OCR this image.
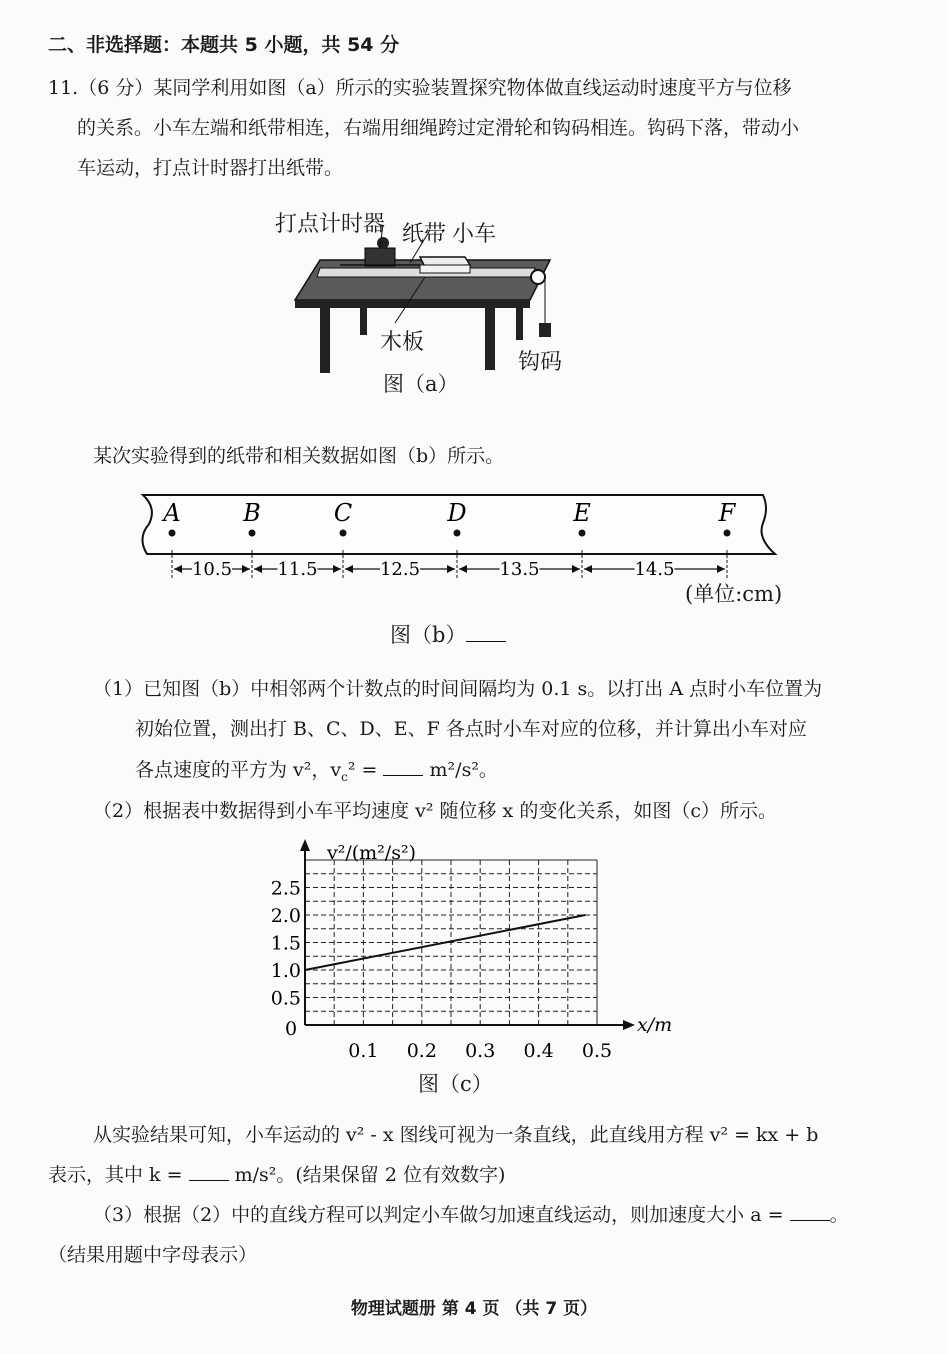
二、非选择题：本题共 5 小题，共 54 分
11.（6 分）某同学利用如图（a）所示的实验装置探究物体做直线运动时速度平方与位移
的关系。小车左端和纸带相连，右端用细绳跨过定滑轮和钩码相连。钩码下落，带动小
车运动，打点计时器打出纸带。
打点计时器 纸带 小车
木板
钩码
图（a）
某次实验得到的纸带和相关数据如图（b）所示。
A	B	C	D	E	F
10.5	11.5	12.5	13.5	14.5
(单位:cm)
图（b）
（1）已知图（b）中相邻两个计数点的时间间隔均为 0.1 s。以打出 A 点时小车位置为
初始位置，测出打 B、C、D、E、F 各点时小车对应的位移，并计算出小车对应
各点速度的平方为 v²，$v_c^2$ =	m²/s²。
（2）根据表中数据得到小车平均速度 v² 随位移 x 的变化关系，如图（c）所示。
v²/(m²/s²)
x/m
0
0.1 0.2 0.3 0.4 0.5
0.5
1.0
1.5
2.0
2.5
图（c）
从实验结果可知，小车运动的 v² - x 图线可视为一条直线，此直线用方程 v² = kx + b
表示，其中 k =	m/s²。(结果保留 2 位有效数字)
（3）根据（2）中的直线方程可以判定小车做匀加速直线运动，则加速度大小 a = 。
（结果用题中字母表示）
物理试题册 第 4 页 （共 7 页）
